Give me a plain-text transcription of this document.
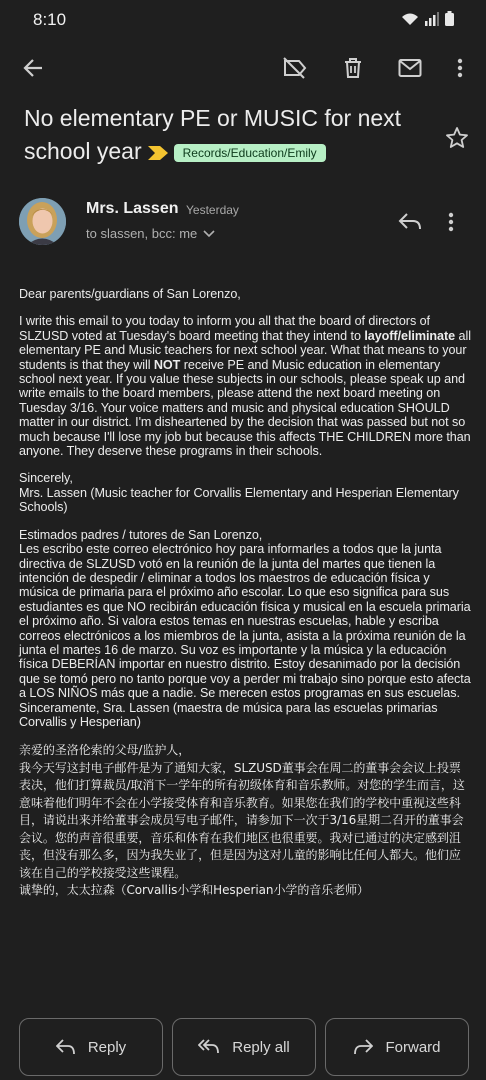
8:10
No elementary PE or MUSIC for next school year	Records/Education/Emily
Mrs. Lassen Yesterday
to slassen, bcc: me

Dear parents/guardians of San Lorenzo,

I write this email to you today to inform you all that the board of directors of SLZUSD voted at Tuesday's board meeting that they intend to layoff/eliminate all elementary PE and Music teachers for next school year. What that means to your students is that they will NOT receive PE and Music education in elementary school next year. If you value these subjects in our schools, please speak up and write emails to the board members, please attend the next board meeting on Tuesday 3/16. Your voice matters and music and physical education SHOULD matter in our district. I'm disheartened by the decision that was passed but not so much because I'll lose my job but because this affects THE CHILDREN more than anyone. They deserve these programs in their schools.

Sincerely,
Mrs. Lassen (Music teacher for Corvallis Elementary and Hesperian Elementary Schools)

Estimados padres / tutores de San Lorenzo,
Les escribo este correo electrónico hoy para informarles a todos que la junta directiva de SLZUSD votó en la reunión de la junta del martes que tienen la intención de despedir / eliminar a todos los maestros de educación física y música de primaria para el próximo año escolar. Lo que eso significa para sus estudiantes es que NO recibirán educación física y musical en la escuela primaria el próximo año. Si valora estos temas en nuestras escuelas, hable y escriba correos electrónicos a los miembros de la junta, asista a la próxima reunión de la junta el martes 16 de marzo. Su voz es importante y la música y la educación física DEBERÍAN importar en nuestro distrito. Estoy desanimado por la decisión que se tomó pero no tanto porque voy a perder mi trabajo sino porque esto afecta a LOS NIÑOS más que a nadie. Se merecen estos programas en sus escuelas.
Sinceramente, Sra. Lassen (maestra de música para las escuelas primarias Corvallis y Hesperian)

亲爱的圣洛伦索的父母/监护人，
我今天写这封电子邮件是为了通知大家，SLZUSD董事会在周二的董事会会议上投票表决，他们打算裁员/取消下一学年的所有初级体育和音乐教师。对您的学生而言，这意味着他们明年不会在小学接受体育和音乐教育。如果您在我们的学校中重视这些科目，请说出来并给董事会成员写电子邮件，请参加下一次于3/16星期二召开的董事会会议。您的声音很重要，音乐和体育在我们地区也很重要。我对已通过的决定感到沮丧，但没有那么多，因为我失业了，但是因为这对儿童的影响比任何人都大。他们应该在自己的学校接受这些课程。
诚挚的，太太拉森（Corvallis小学和Hesperian小学的音乐老师）

Reply	Reply all	Forward
